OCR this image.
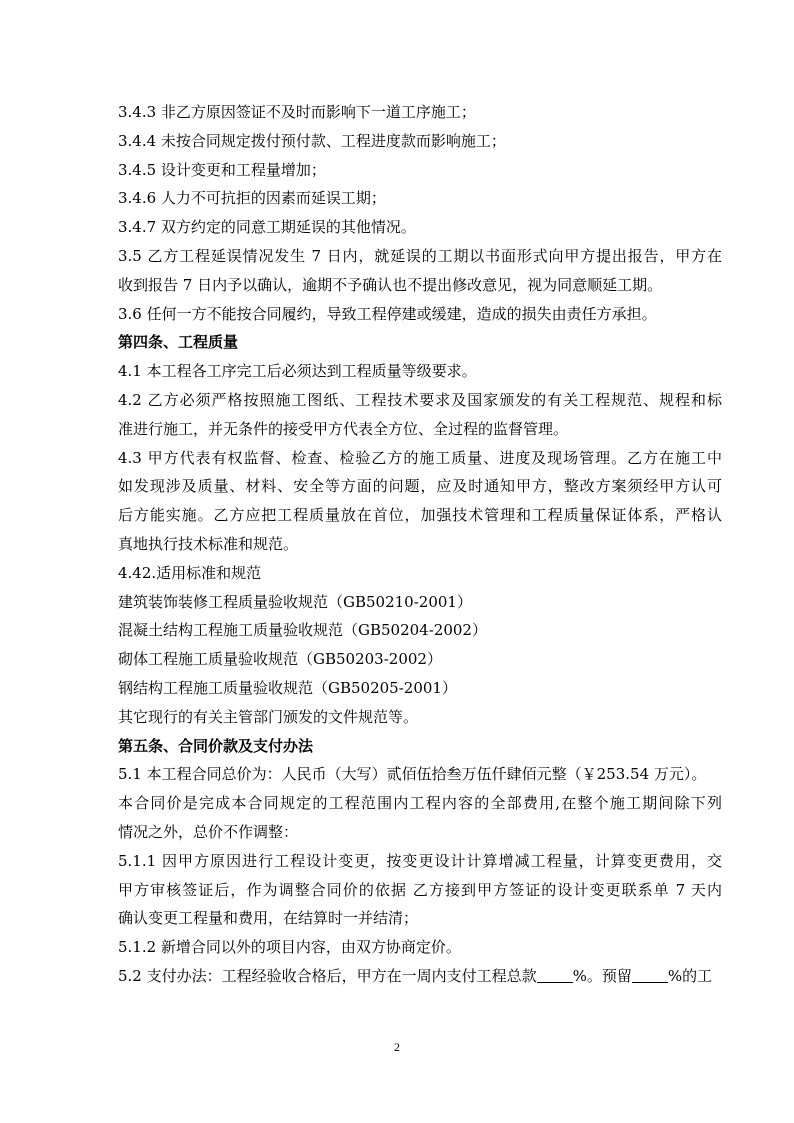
3.4.3 非乙方原因签证不及时而影响下一道工序施工；
3.4.4 未按合同规定拨付预付款、工程进度款而影响施工；
3.4.5 设计变更和工程量增加；
3.4.6 人力不可抗拒的因素而延误工期；
3.4.7 双方约定的同意工期延误的其他情况。
3.5 乙方工程延误情况发生 7 日内，就延误的工期以书面形式向甲方提出报告，甲方在
收到报告 7 日内予以确认，逾期不予确认也不提出修改意见，视为同意顺延工期。
3.6 任何一方不能按合同履约，导致工程停建或缓建，造成的损失由责任方承担。
第四条、工程质量
4.1 本工程各工序完工后必须达到工程质量等级要求。
4.2 乙方必须严格按照施工图纸、工程技术要求及国家颁发的有关工程规范、规程和标
准进行施工，并无条件的接受甲方代表全方位、全过程的监督管理。
4.3 甲方代表有权监督、检查、检验乙方的施工质量、进度及现场管理。乙方在施工中
如发现涉及质量、材料、安全等方面的问题，应及时通知甲方，整改方案须经甲方认可
后方能实施。乙方应把工程质量放在首位，加强技术管理和工程质量保证体系，严格认
真地执行技术标准和规范。
4.42.适用标准和规范
建筑装饰装修工程质量验收规范（GB50210-2001）
混凝土结构工程施工质量验收规范（GB50204-2002）
砌体工程施工质量验收规范（GB50203-2002）
钢结构工程施工质量验收规范（GB50205-2001）
其它现行的有关主管部门颁发的文件规范等。
第五条、合同价款及支付办法
5.1 本工程合同总价为：人民币（大写）贰佰伍拾叁万伍仟肆佰元整（￥253.54 万元）。
本合同价是完成本合同规定的工程范围内工程内容的全部费用,在整个施工期间除下列
情况之外，总价不作调整：
5.1.1 因甲方原因进行工程设计变更，按变更设计计算增减工程量，计算变更费用，交
甲方审核签证后，作为调整合同价的依据 乙方接到甲方签证的设计变更联系单 7 天内
确认变更工程量和费用，在结算时一并结清；
5.1.2 新增合同以外的项目内容，由双方协商定价。
5.2 支付办法：工程经验收合格后，甲方在一周内支付工程总款 %。预留 %的工
2
